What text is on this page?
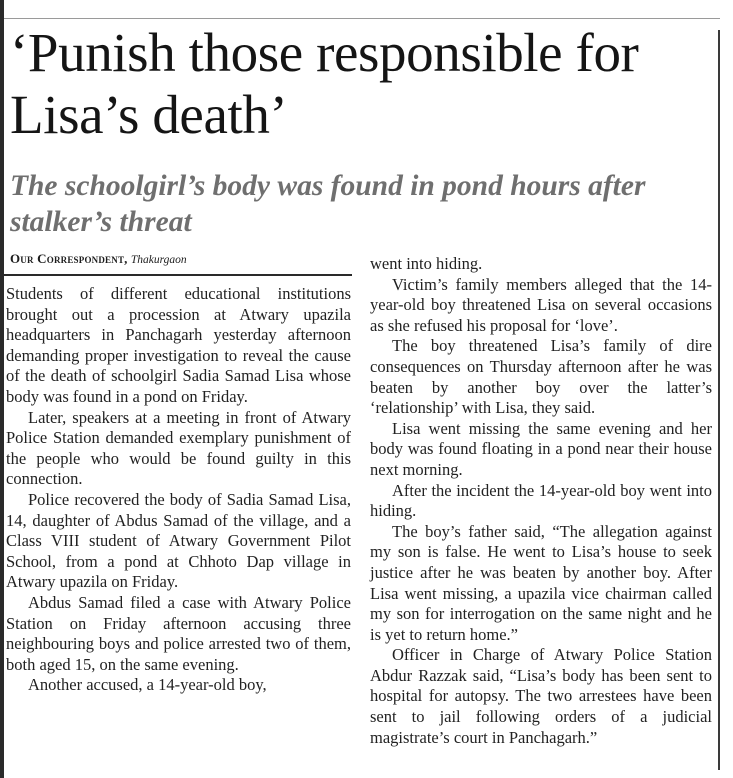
‘Punish those responsible for Lisa’s death’
The schoolgirl’s body was found in pond hours after stalker’s threat
Our Correspondent, Thakurgaon

Students of different educational institutions brought out a procession at Atwary upazila headquarters in Panchagarh yesterday afternoon demanding proper investigation to reveal the cause of the death of schoolgirl Sadia Samad Lisa whose body was found in a pond on Friday.

Later, speakers at a meeting in front of Atwary Police Station demanded exemplary punishment of the people who would be found guilty in this connection.

Police recovered the body of Sadia Samad Lisa, 14, daughter of Abdus Samad of the village, and a Class VIII student of Atwary Government Pilot School, from a pond at Chhoto Dap village in Atwary upazila on Friday.

Abdus Samad filed a case with Atwary Police Station on Friday afternoon accusing three neighbouring boys and police arrested two of them, both aged 15, on the same evening.

Another accused, a 14-year-old boy,

went into hiding.

Victim’s family members alleged that the 14-year-old boy threatened Lisa on several occasions as she refused his proposal for ‘love’.

The boy threatened Lisa’s family of dire consequences on Thursday afternoon after he was beaten by another boy over the latter’s ‘relationship’ with Lisa, they said.

Lisa went missing the same evening and her body was found floating in a pond near their house next morning.

After the incident the 14-year-old boy went into hiding.

The boy’s father said, “The allegation against my son is false. He went to Lisa’s house to seek justice after he was beaten by another boy. After Lisa went missing, a upazila vice chairman called my son for interrogation on the same night and he is yet to return home.”

Officer in Charge of Atwary Police Station Abdur Razzak said, “Lisa’s body has been sent to hospital for autopsy. The two arrestees have been sent to jail following orders of a judicial magistrate’s court in Panchagarh.”
